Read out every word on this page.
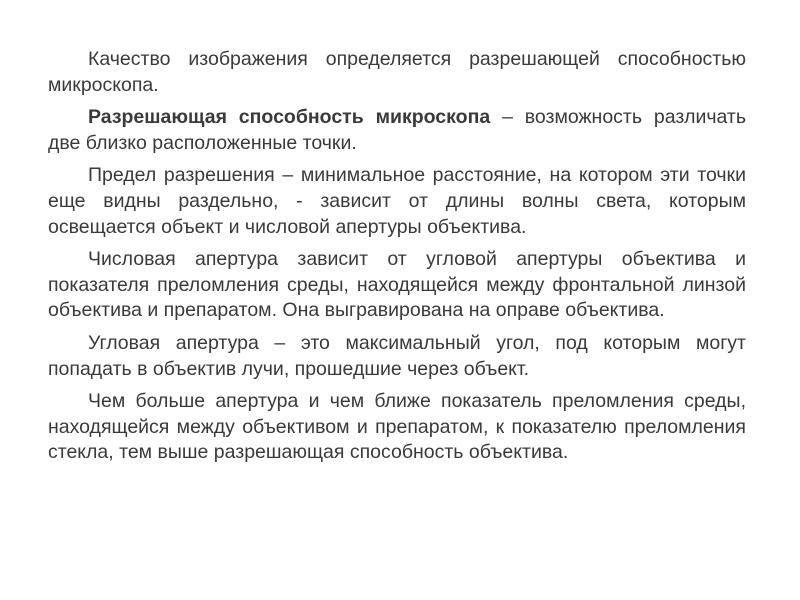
Качество изображения определяется разрешающей способностью микроскопа.

Разрешающая способность микроскопа – возможность различать две близко расположенные точки.

Предел разрешения – минимальное расстояние, на котором эти точки еще видны раздельно, - зависит от длины волны света, которым освещается объект и числовой апертуры объектива.

Числовая апертура зависит от угловой апертуры объектива и показателя преломления среды, находящейся между фронтальной линзой объектива и препаратом. Она выгравирована на оправе объектива.

Угловая апертура – это максимальный угол, под которым могут попадать в объектив лучи, прошедшие через объект.

Чем больше апертура и чем ближе показатель преломления среды, находящейся между объективом и препаратом, к показателю преломления стекла, тем выше разрешающая способность объектива.
